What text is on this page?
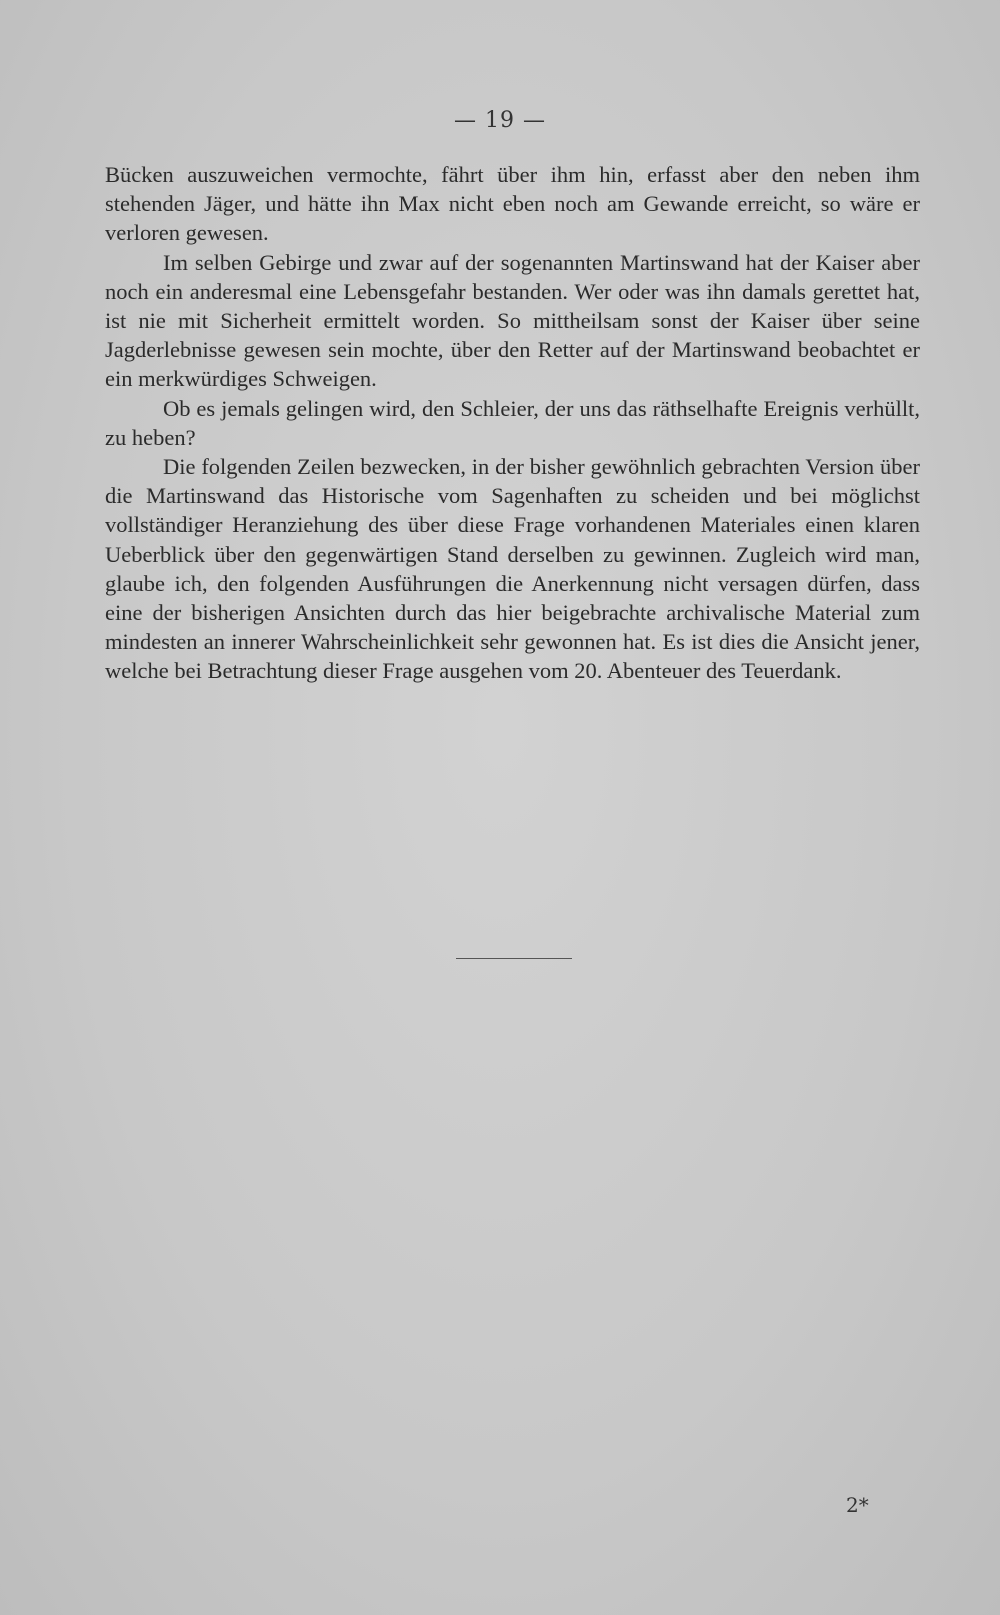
— 19 —

Bücken auszuweichen vermochte, fährt über ihm hin, erfasst aber den neben ihm stehenden Jäger, und hätte ihn Max nicht eben noch am Gewande erreicht, so wäre er verloren gewesen.

Im selben Gebirge und zwar auf der sogenannten Martinswand hat der Kaiser aber noch ein anderesmal eine Lebensgefahr bestanden. Wer oder was ihn damals gerettet hat, ist nie mit Sicherheit ermittelt worden. So mittheilsam sonst der Kaiser über seine Jagderlebnisse gewesen sein mochte, über den Retter auf der Martinswand beobachtet er ein merkwürdiges Schweigen.

Ob es jemals gelingen wird, den Schleier, der uns das räthselhafte Ereignis verhüllt, zu heben?

Die folgenden Zeilen bezwecken, in der bisher gewöhnlich gebrachten Version über die Martinswand das Historische vom Sagenhaften zu scheiden und bei möglichst vollständiger Heranziehung des über diese Frage vorhandenen Materiales einen klaren Ueberblick über den gegenwärtigen Stand derselben zu gewinnen. Zugleich wird man, glaube ich, den folgenden Ausführungen die Anerkennung nicht versagen dürfen, dass eine der bisherigen Ansichten durch das hier beigebrachte archivalische Material zum mindesten an innerer Wahrscheinlichkeit sehr gewonnen hat. Es ist dies die Ansicht jener, welche bei Betrachtung dieser Frage ausgehen vom 20. Abenteuer des Teuerdank.

2*
